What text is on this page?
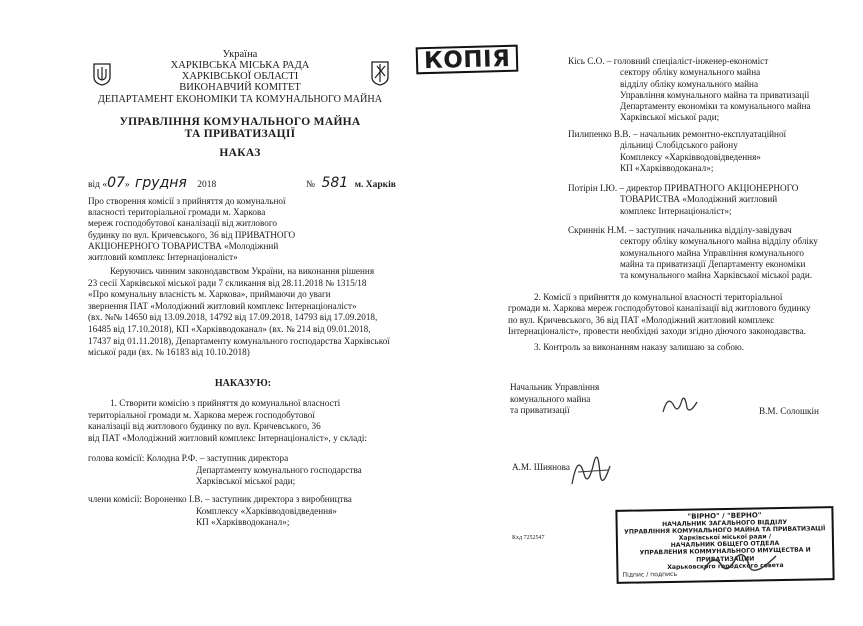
Україна
ХАРКІВСЬКА МІСЬКА РАДА
ХАРКІВСЬКОЇ ОБЛАСТІ
ВИКОНАВЧИЙ КОМІТЕТ
ДЕПАРТАМЕНТ ЕКОНОМІКИ ТА КОМУНАЛЬНОГО МАЙНА
УПРАВЛІННЯ КОМУНАЛЬНОГО МАЙНА
ТА ПРИВАТИЗАЦІЇ
НАКАЗ
КОПІЯ
від «07» грудня 2018	№ 581 м. Харків
Про створення комісії з прийняття до комунальної
власності територіальної громади м. Харкова
мереж господобутової каналізації від житлового
будинку по вул. Кричевського, 36 від ПРИВАТНОГО
АКЦІОНЕРНОГО ТОВАРИСТВА «Молодіжний
житловий комплекс Інтернаціоналіст»
Керуючись чинним законодавством України, на виконання рішення
23 сесії Харківської міської ради 7 скликання від 28.11.2018 № 1315/18
«Про комунальну власність м. Харкова», приймаючи до уваги
звернення ПАТ «Молодіжний житловий комплекс Інтернаціоналіст»
(вх. №№ 14650 від 13.09.2018, 14792 від 17.09.2018, 14793 від 17.09.2018,
16485 від 17.10.2018), КП «Харківводоканал» (вх. № 214 від 09.01.2018,
17437 від 01.11.2018), Департаменту комунального господарства Харківської
міської ради (вх. № 16183 від 10.10.2018)
НАКАЗУЮ:
1. Створити комісію з прийняття до комунальної власності
територіальної громади м. Харкова мереж господобутової
каналізації від житлового будинку по вул. Кричевського, 36
від ПАТ «Молодіжний житловий комплекс Інтернаціоналіст», у складі:
голова комісії: Колодна Р.Ф. – заступник директора
Департаменту комунального господарства
Харківської міської ради;
члени комісії: Вороненко І.В. – заступник директора з виробництва
Комплексу «Харківводовідведення»
КП «Харківводоканал»;
Кісь С.О. – головний спеціаліст-інженер-економіст
сектору обліку комунального майна
відділу обліку комунального майна
Управління комунального майна та приватизації
Департаменту економіки та комунального майна
Харківської міської ради;
Пилипенко В.В. – начальник ремонтно-експлуатаційної
дільниці Слобідського району
Комплексу «Харківводовідведення»
КП «Харківводоканал»;
Потірін І.Ю. – директор ПРИВАТНОГО АКЦІОНЕРНОГО
ТОВАРИСТВА «Молодіжний житловий
комплекс Інтернаціоналіст»;
Скриннік Н.М. – заступник начальника відділу-завідувач
сектору обліку комунального майна відділу обліку
комунального майна Управління комунального
майна та приватизації Департаменту економіки
та комунального майна Харківської міської ради.
2. Комісії з прийняття до комунальної власності територіальної
громади м. Харкова мереж господобутової каналізації від житлового будинку
по вул. Кричевського, 36 від ПАТ «Молодіжний житловий комплекс
Інтернаціоналіст», провести необхідні заходи згідно діючого законодавства.
3. Контроль за виконанням наказу залишаю за собою.
Начальник Управління
комунального майна
та приватизації	В.М. Солошкін
А.М. Шиянова
Кхд 7252547
"ВІРНО" / "ВЕРНО"
НАЧАЛЬНИК ЗАГАЛЬНОГО ВІДДІЛУ
УПРАВЛІННЯ КОМУНАЛЬНОГО МАЙНА ТА ПРИВАТИЗАЦІЇ
Харківської міської ради /
НАЧАЛЬНИК ОБЩЕГО ОТДЕЛА
УПРАВЛЕНИЯ КОММУНАЛЬНОГО ИМУЩЕСТВА И ПРИВАТИЗАЦИИ
Харьковского городского совета
Підпис / подпись
